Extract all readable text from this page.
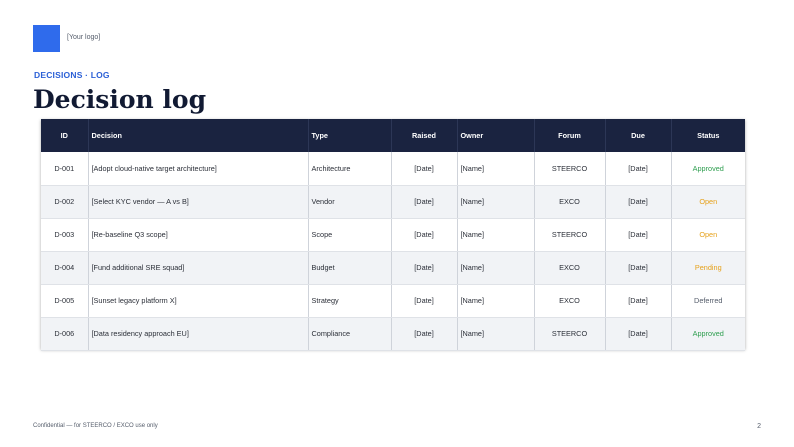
[Your logo]
DECISIONS · LOG
Decision log
ID	Decision	Type	Raised	Owner	Forum	Due	Status
D-001	[Adopt cloud-native target architecture]	Architecture	[Date]	[Name]	STEERCO	[Date]	Approved
D-002	[Select KYC vendor — A vs B]	Vendor	[Date]	[Name]	EXCO	[Date]	Open
D-003	[Re-baseline Q3 scope]	Scope	[Date]	[Name]	STEERCO	[Date]	Open
D-004	[Fund additional SRE squad]	Budget	[Date]	[Name]	EXCO	[Date]	Pending
D-005	[Sunset legacy platform X]	Strategy	[Date]	[Name]	EXCO	[Date]	Deferred
D-006	[Data residency approach EU]	Compliance	[Date]	[Name]	STEERCO	[Date]	Approved
Confidential — for STEERCO / EXCO use only	2
